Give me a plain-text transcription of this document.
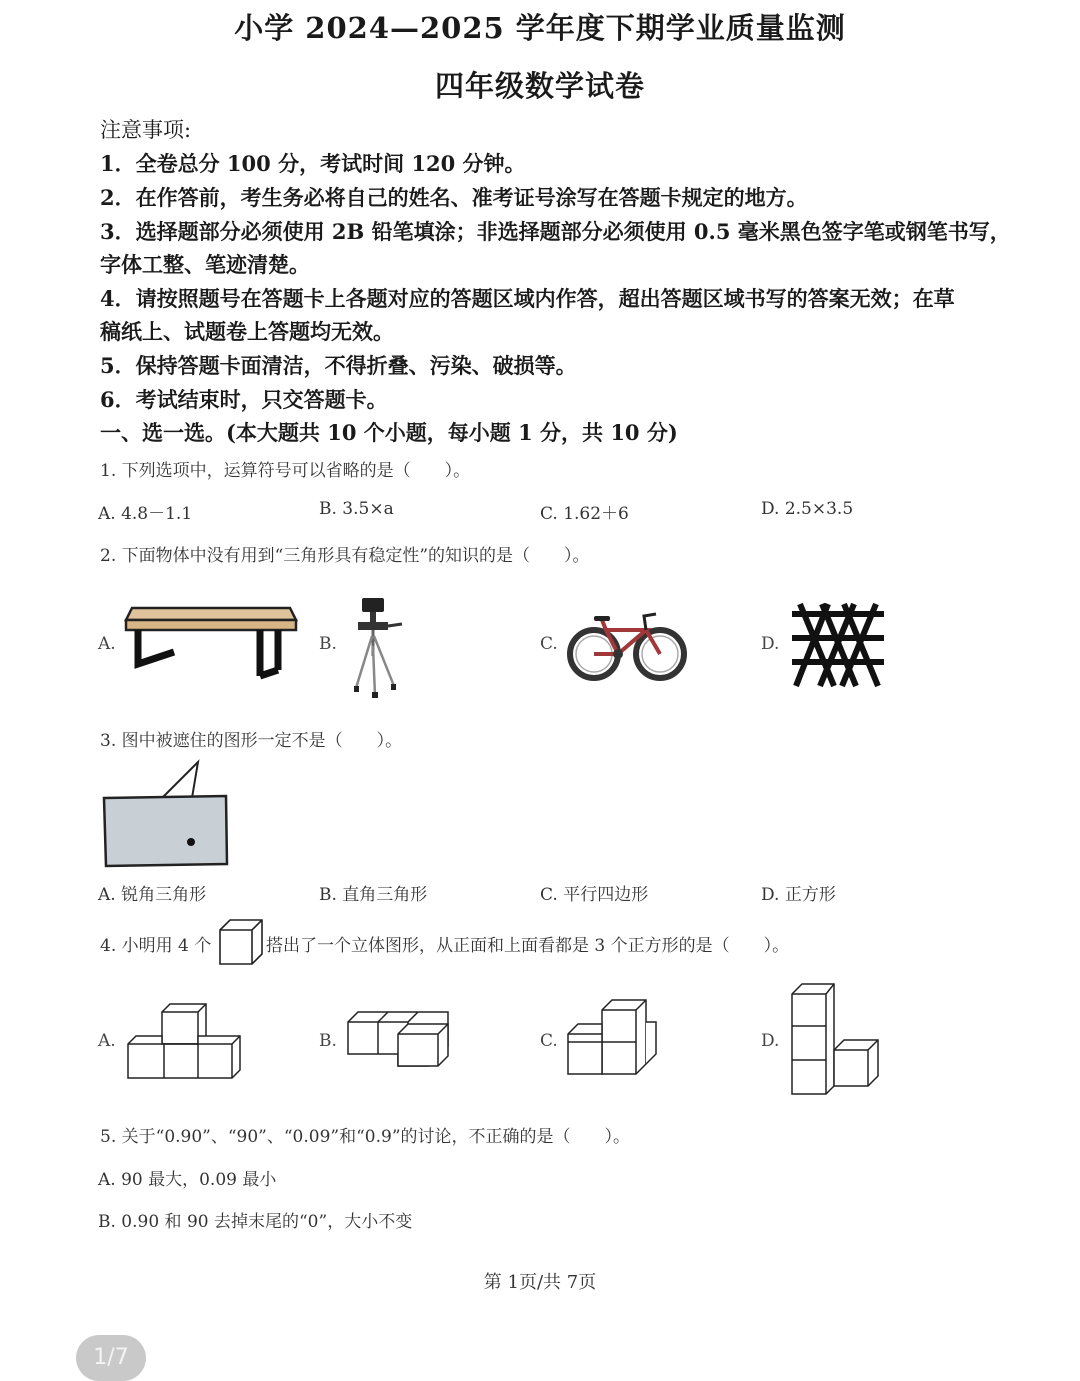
小学 2024—2025 学年度下期学业质量监测
四年级数学试卷
注意事项:
1．全卷总分 100 分，考试时间 120 分钟。
2．在作答前，考生务必将自己的姓名、准考证号涂写在答题卡规定的地方。
3．选择题部分必须使用 2B 铅笔填涂；非选择题部分必须使用 0.5 毫米黑色签字笔或钢笔书写，
字体工整、笔迹清楚。
4．请按照题号在答题卡上各题对应的答题区域内作答，超出答题区域书写的答案无效；在草
稿纸上、试题卷上答题均无效。
5．保持答题卡面清洁，不得折叠、污染、破损等。
6．考试结束时，只交答题卡。
一、选一选。(本大题共 10 个小题，每小题 1 分，共 10 分)
1. 下列选项中，运算符号可以省略的是（　　）。
A. 4.8－1.1	B. 3.5×a	C. 1.62＋6	D. 2.5×3.5
2. 下面物体中没有用到“三角形具有稳定性”的知识的是（　　）。
A.	B.	C.	D.
3. 图中被遮住的图形一定不是（　　）。
A. 锐角三角形	B. 直角三角形	C. 平行四边形	D. 正方形
4. 小明用 4 个	搭出了一个立体图形，从正面和上面看都是 3 个正方形的是（　　）。
A.	B.	C.	D.
5. 关于“0.90”、“90”、“0.09”和“0.9”的讨论，不正确的是（　　）。
A. 90 最大，0.09 最小
B. 0.90 和 90 去掉末尾的“0”，大小不变
第 1页/共 7页
1/7
